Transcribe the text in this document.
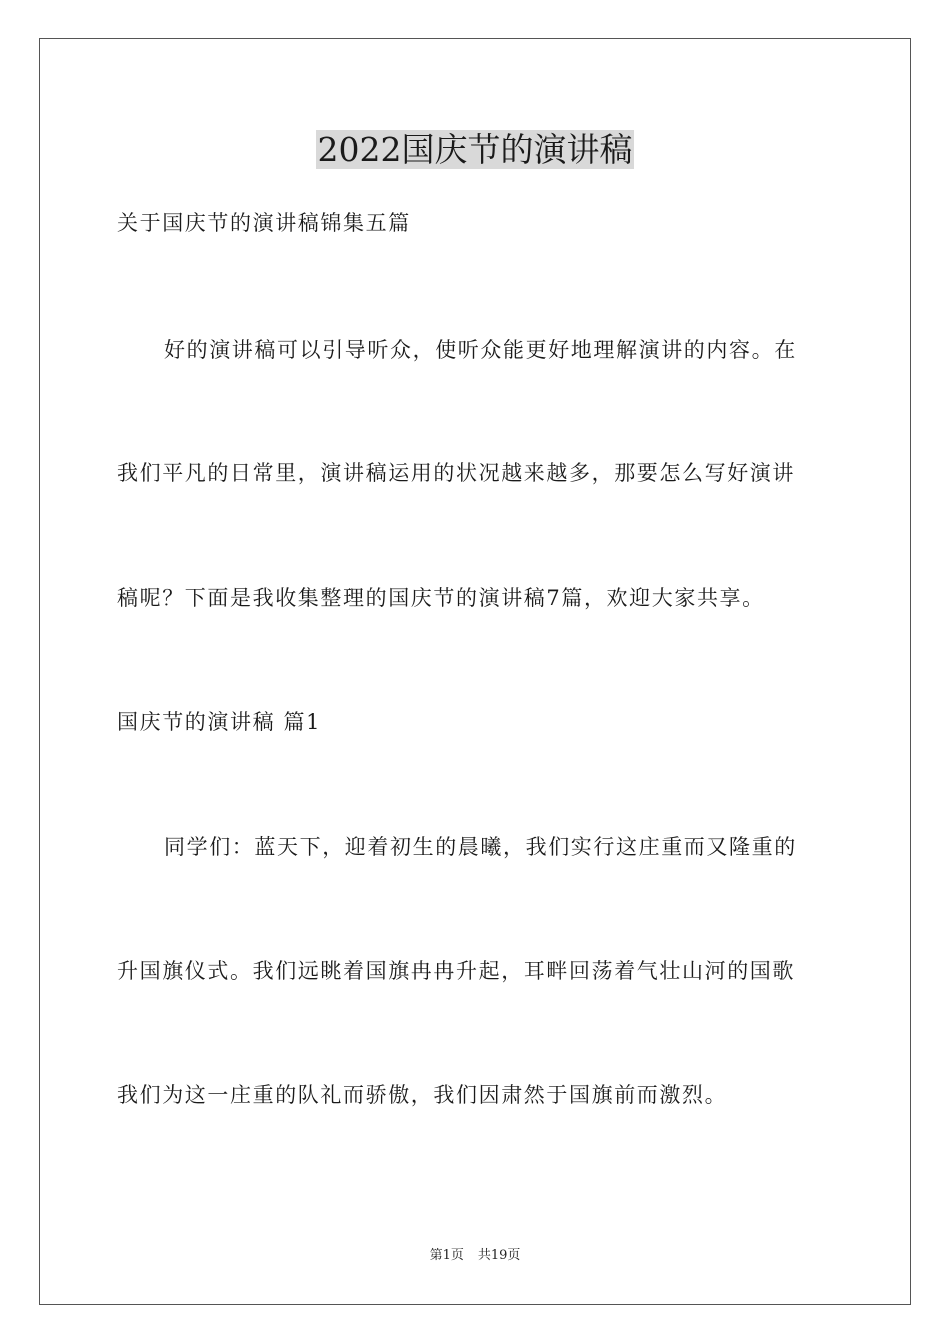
2022国庆节的演讲稿

关于国庆节的演讲稿锦集五篇

好的演讲稿可以引导听众，使听众能更好地理解演讲的内容。在

我们平凡的日常里，演讲稿运用的状况越来越多，那要怎么写好演讲

稿呢？下面是我收集整理的国庆节的演讲稿7篇，欢迎大家共享。

国庆节的演讲稿 篇1

同学们：蓝天下，迎着初生的晨曦，我们实行这庄重而又隆重的

升国旗仪式。我们远眺着国旗冉冉升起，耳畔回荡着气壮山河的国歌

我们为这一庄重的队礼而骄傲，我们因肃然于国旗前而激烈。

第1页 共19页
